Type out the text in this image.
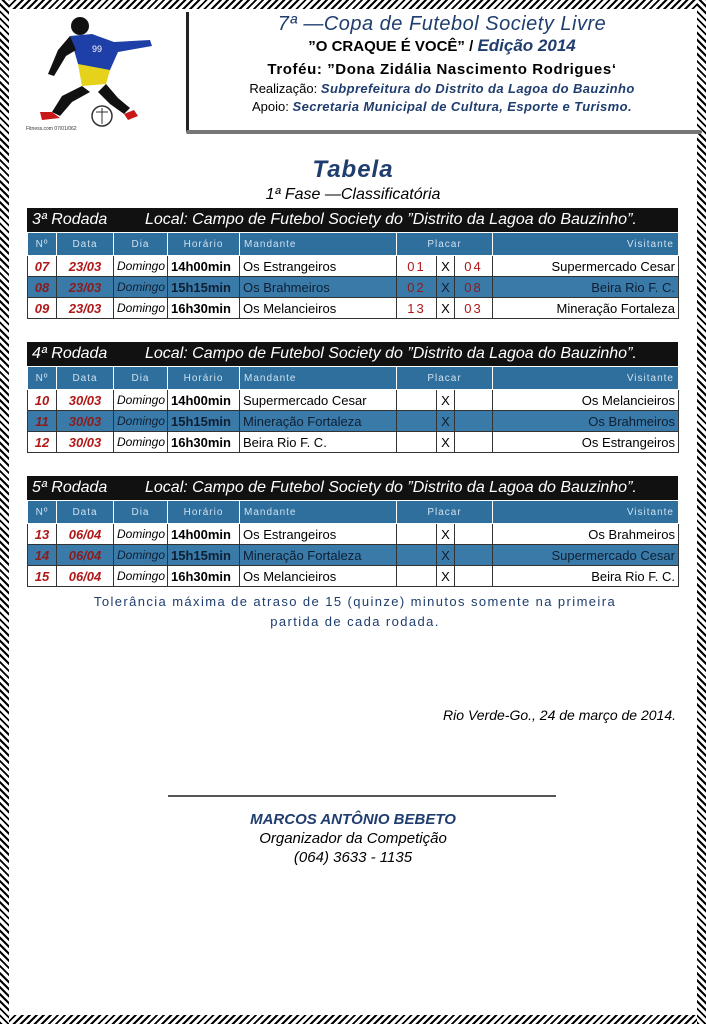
99
Fitness.com 07/01/062
7ª —Copa de Futebol Society Livre
”O CRAQUE É VOCÊ” / Edição 2014
Troféu: ”Dona Zidália Nascimento Rodrigues‘
Realização: Subprefeitura do Distrito da Lagoa do Bauzinho
Apoio: Secretaria Municipal de Cultura, Esporte e Turismo.
Tabela
1ª Fase —Classificatória
3ª Rodada	Local: Campo de Futebol Society do ”Distrito da Lagoa do Bauzinho”.
Nº	Data	Dia	Horário	Mandante	Placar			Visitante
07	23/03	Domingo	14h00min	Os Estrangeiros	01	X	04	Supermercado Cesar
08	23/03	Domingo	15h15min	Os Brahmeiros	02	X	08	Beira Rio F. C.
09	23/03	Domingo	16h30min	Os Melancieiros	13	X	03	Mineração Fortaleza
4ª Rodada	Local: Campo de Futebol Society do ”Distrito da Lagoa do Bauzinho”.
Nº	Data	Dia	Horário	Mandante	Placar			Visitante
10	30/03	Domingo	14h00min	Supermercado Cesar		X		Os Melancieiros
11	30/03	Domingo	15h15min	Mineração Fortaleza		X		Os Brahmeiros
12	30/03	Domingo	16h30min	Beira Rio F. C.		X		Os Estrangeiros
5ª Rodada	Local: Campo de Futebol Society do ”Distrito da Lagoa do Bauzinho”.
Nº	Data	Dia	Horário	Mandante	Placar			Visitante
13	06/04	Domingo	14h00min	Os Estrangeiros		X		Os Brahmeiros
14	06/04	Domingo	15h15min	Mineração Fortaleza		X		Supermercado Cesar
15	06/04	Domingo	16h30min	Os Melancieiros		X		Beira Rio F. C.
Tolerância máxima de atraso de 15 (quinze) minutos somente na primeira
partida de cada rodada.
Rio Verde-Go., 24 de março de 2014.
MARCOS ANTÔNIO BEBETO
Organizador da Competição
(064) 3633 - 1135
